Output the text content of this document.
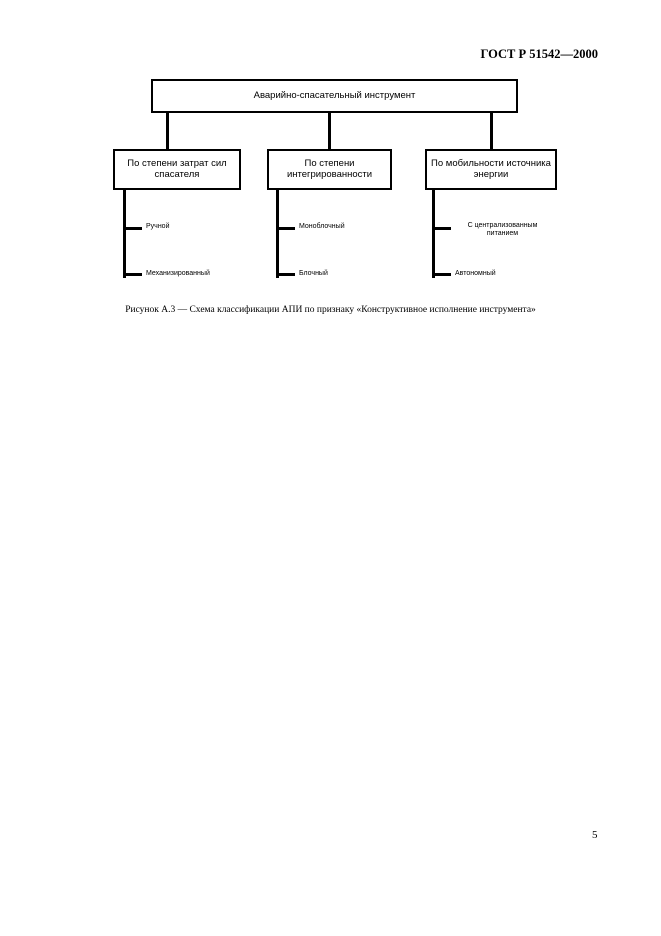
ГОСТ Р 51542—2000
Аварийно-спасательный инструмент
По степени затрат сил спасателя
По степени интегрированности
По мобильности источника энергии
Ручной
Механизированный
Моноблочный
Блочный
С централизованным питанием
Автономный
Рисунок А.3 — Схема классификации АПИ по признаку «Конструктивное исполнение инструмента»
5
